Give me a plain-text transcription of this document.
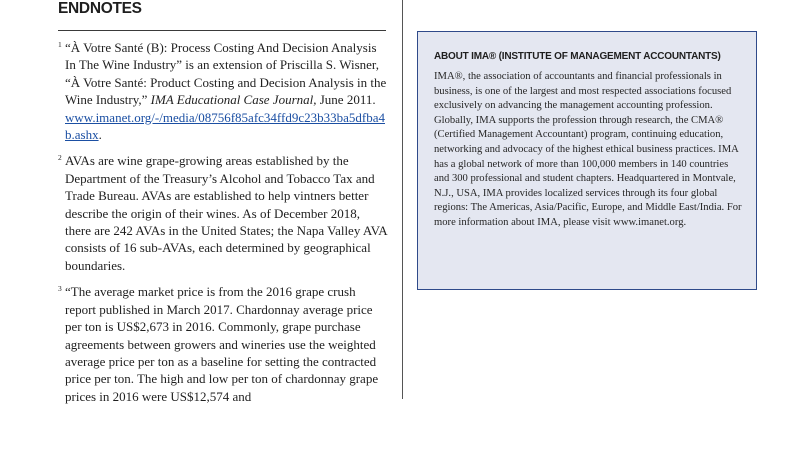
ENDNOTES
1 “À Votre Santé (B): Process Costing And Decision Analysis In The Wine Industry” is an extension of Priscilla S. Wisner, “À Votre Santé: Product Costing and Decision Analysis in the Wine Industry,” IMA Educational Case Journal, June 2011. www.imanet.org/-/media/08756f85afc34ffd9c23b33ba5dfba4b.ashx.
2 AVAs are wine grape-growing areas established by the Department of the Treasury’s Alcohol and Tobacco Tax and Trade Bureau. AVAs are established to help vintners better describe the origin of their wines. As of December 2018, there are 242 AVAs in the United States; the Napa Valley AVA consists of 16 sub-AVAs, each determined by geographical boundaries.
3 “The average market price is from the 2016 grape crush report published in March 2017. Chardonnay average price per ton is US$2,673 in 2016. Commonly, grape purchase agreements between growers and wineries use the weighted average price per ton as a baseline for setting the contracted price per ton. The high and low per ton of chardonnay grape prices in 2016 were US$12,574 and
ABOUT IMA® (INSTITUTE OF MANAGEMENT ACCOUNTANTS)
IMA®, the association of accountants and financial professionals in business, is one of the largest and most respected associations focused exclusively on advancing the management accounting profession. Globally, IMA supports the profession through research, the CMA® (Certified Management Accountant) program, continuing education, networking and advocacy of the highest ethical business practices. IMA has a global network of more than 100,000 members in 140 countries and 300 professional and student chapters. Headquartered in Montvale, N.J., USA, IMA provides localized services through its four global regions: The Americas, Asia/Pacific, Europe, and Middle East/India. For more information about IMA, please visit www.imanet.org.
